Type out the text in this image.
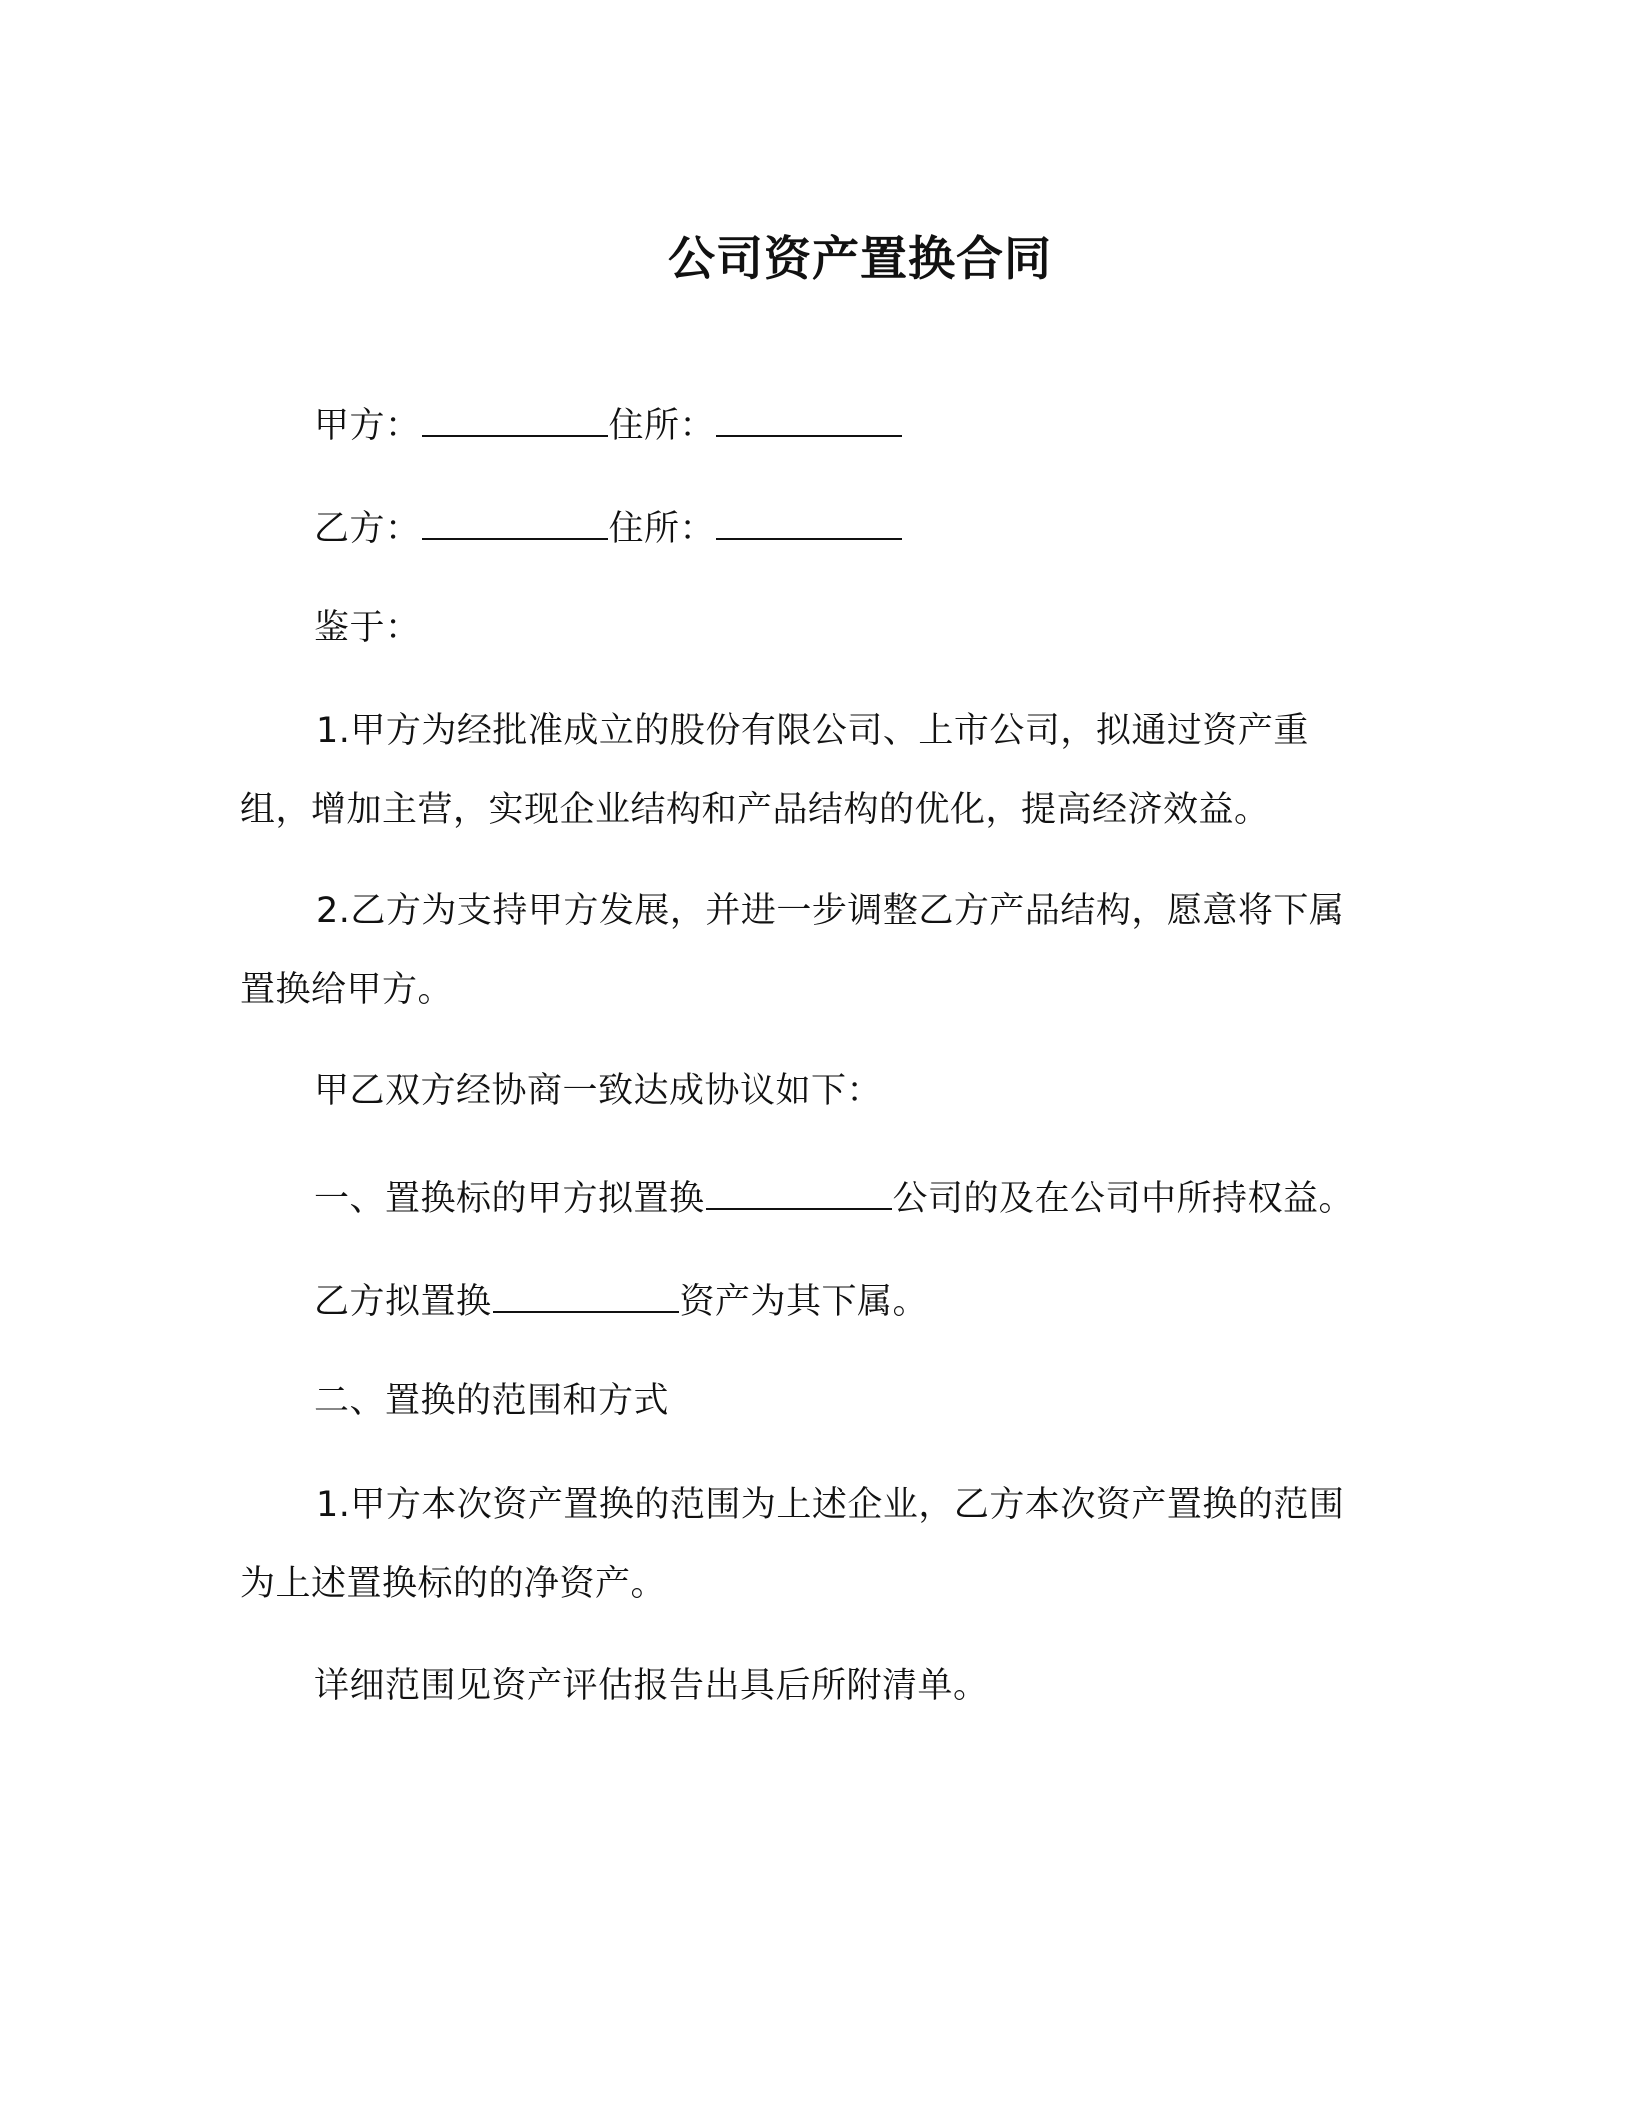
公司资产置换合同
甲方：	住所：
乙方：	住所：
鉴于：
1.甲方为经批准成立的股份有限公司、上市公司，拟通过资产重组，增加主营，实现企业结构和产品结构的优化，提高经济效益。
2.乙方为支持甲方发展，并进一步调整乙方产品结构，愿意将下属置换给甲方。
甲乙双方经协商一致达成协议如下：
一、置换标的甲方拟置换	公司的及在公司中所持权益。
乙方拟置换	资产为其下属。
二、置换的范围和方式
1.甲方本次资产置换的范围为上述企业，乙方本次资产置换的范围为上述置换标的的净资产。
详细范围见资产评估报告出具后所附清单。
